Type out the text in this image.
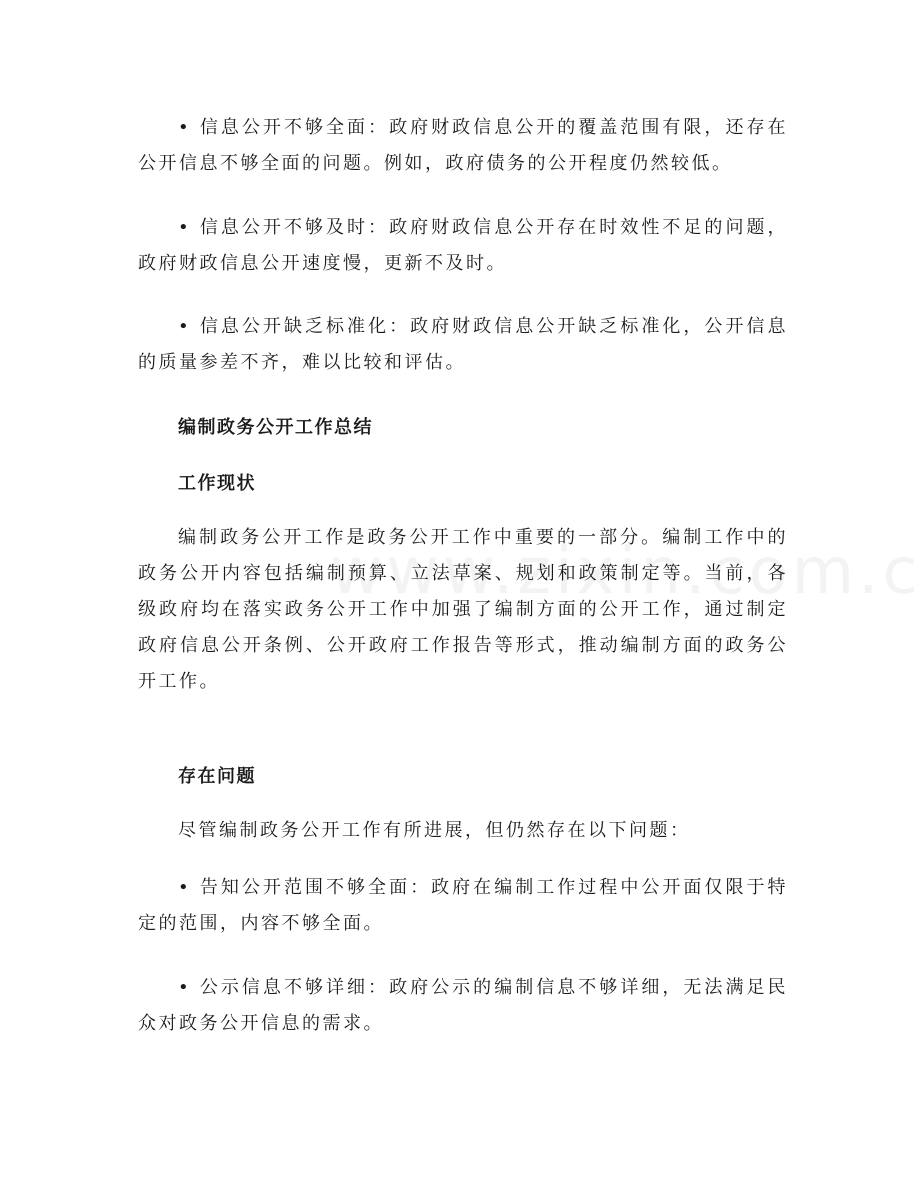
• 信息公开不够全面：政府财政信息公开的覆盖范围有限，还存在公开信息不够全面的问题。例如，政府债务的公开程度仍然较低。

• 信息公开不够及时：政府财政信息公开存在时效性不足的问题，政府财政信息公开速度慢，更新不及时。

• 信息公开缺乏标准化：政府财政信息公开缺乏标准化，公开信息的质量参差不齐，难以比较和评估。

编制政务公开工作总结
工作现状

编制政务公开工作是政务公开工作中重要的一部分。编制工作中的政务公开内容包括编制预算、立法草案、规划和政策制定等。当前，各级政府均在落实政务公开工作中加强了编制方面的公开工作，通过制定政府信息公开条例、公开政府工作报告等形式，推动编制方面的政务公开工作。

存在问题

尽管编制政务公开工作有所进展，但仍然存在以下问题：

• 告知公开范围不够全面：政府在编制工作过程中公开面仅限于特定的范围，内容不够全面。

• 公示信息不够详细：政府公示的编制信息不够详细，无法满足民众对政务公开信息的需求。
